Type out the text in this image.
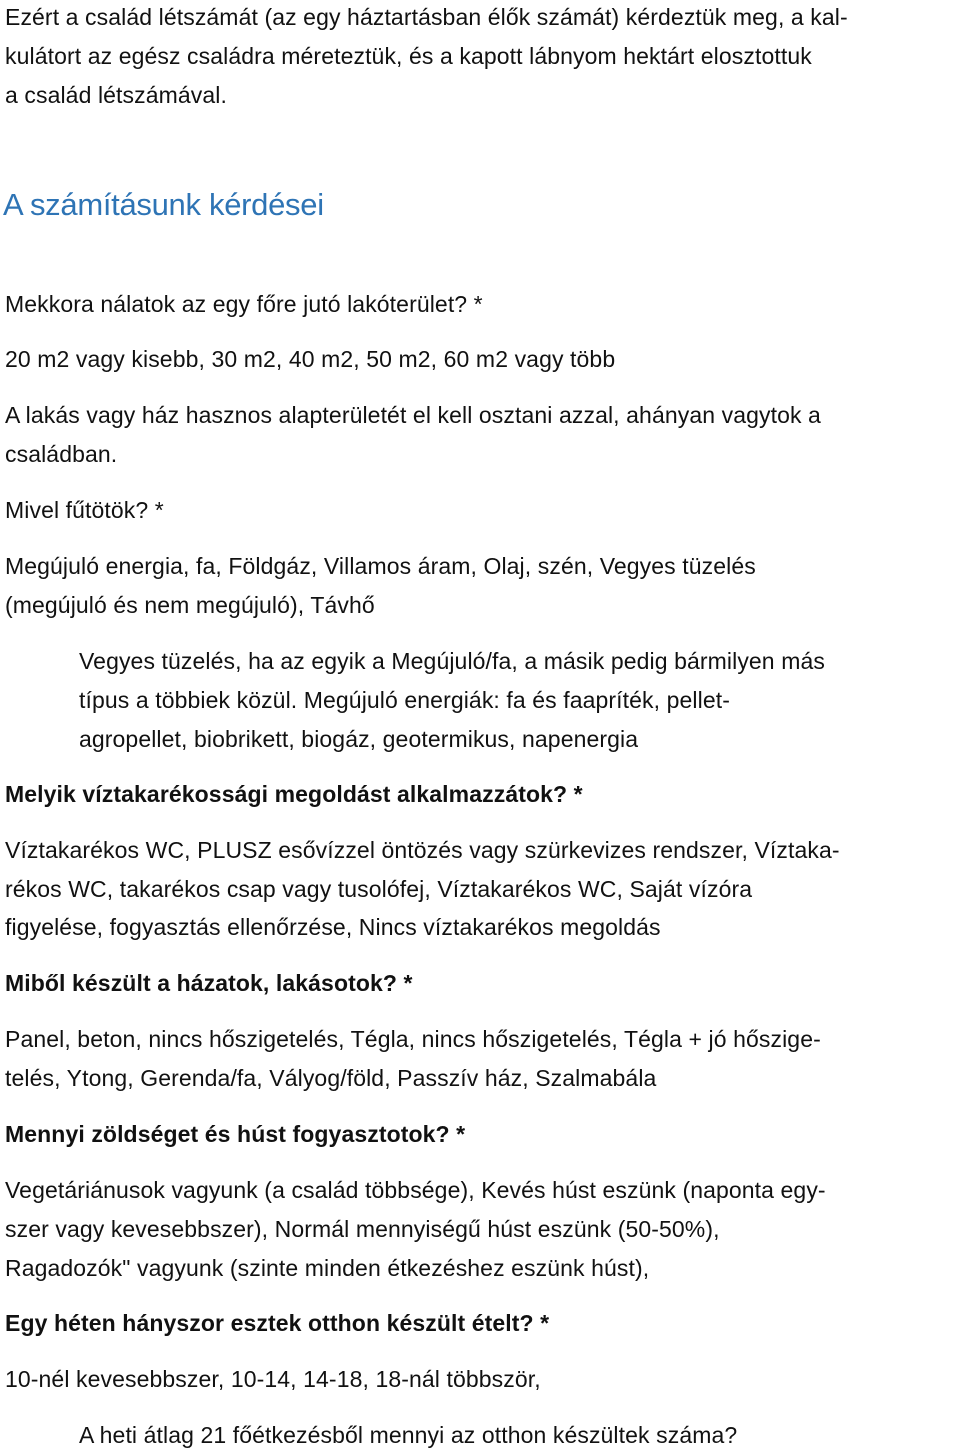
Ezért a család létszámát (az egy háztartásban élők számát) kérdeztük meg, a kal-
kulátort az egész családra méreteztük, és a kapott lábnyom hektárt elosztottuk
a család létszámával.
A számításunk kérdései
Mekkora nálatok az egy főre jutó lakóterület? *
20 m2 vagy kisebb, 30 m2, 40 m2, 50 m2, 60 m2 vagy több
A lakás vagy ház hasznos alapterületét el kell osztani azzal, ahányan vagytok a
családban.
Mivel fűtötök? *
Megújuló energia, fa, Földgáz, Villamos áram, Olaj, szén, Vegyes tüzelés
(megújuló és nem megújuló), Távhő
Vegyes tüzelés, ha az egyik a Megújuló/fa, a másik pedig bármilyen más
típus a többiek közül. Megújuló energiák: fa és faapríték, pellet-
agropellet, biobrikett, biogáz, geotermikus, napenergia
Melyik víztakarékossági megoldást alkalmazzátok? *
Víztakarékos WC, PLUSZ esővízzel öntözés vagy szürkevizes rendszer, Víztaka-
rékos WC, takarékos csap vagy tusolófej, Víztakarékos WC, Saját vízóra
figyelése, fogyasztás ellenőrzése, Nincs víztakarékos megoldás
Miből készült a házatok, lakásotok? *
Panel, beton, nincs hőszigetelés, Tégla, nincs hőszigetelés, Tégla + jó hőszige-
telés, Ytong, Gerenda/fa, Vályog/föld, Passzív ház, Szalmabála
Mennyi zöldséget és húst fogyasztotok? *
Vegetáriánusok vagyunk (a család többsége), Kevés húst eszünk (naponta egy-
szer vagy kevesebbszer), Normál mennyiségű húst eszünk (50-50%),
Ragadozók" vagyunk (szinte minden étkezéshez eszünk húst),
Egy héten hányszor esztek otthon készült ételt? *
10-nél kevesebbszer, 10-14, 14-18, 18-nál többször,
A heti átlag 21 főétkezésből mennyi az otthon készültek száma?
